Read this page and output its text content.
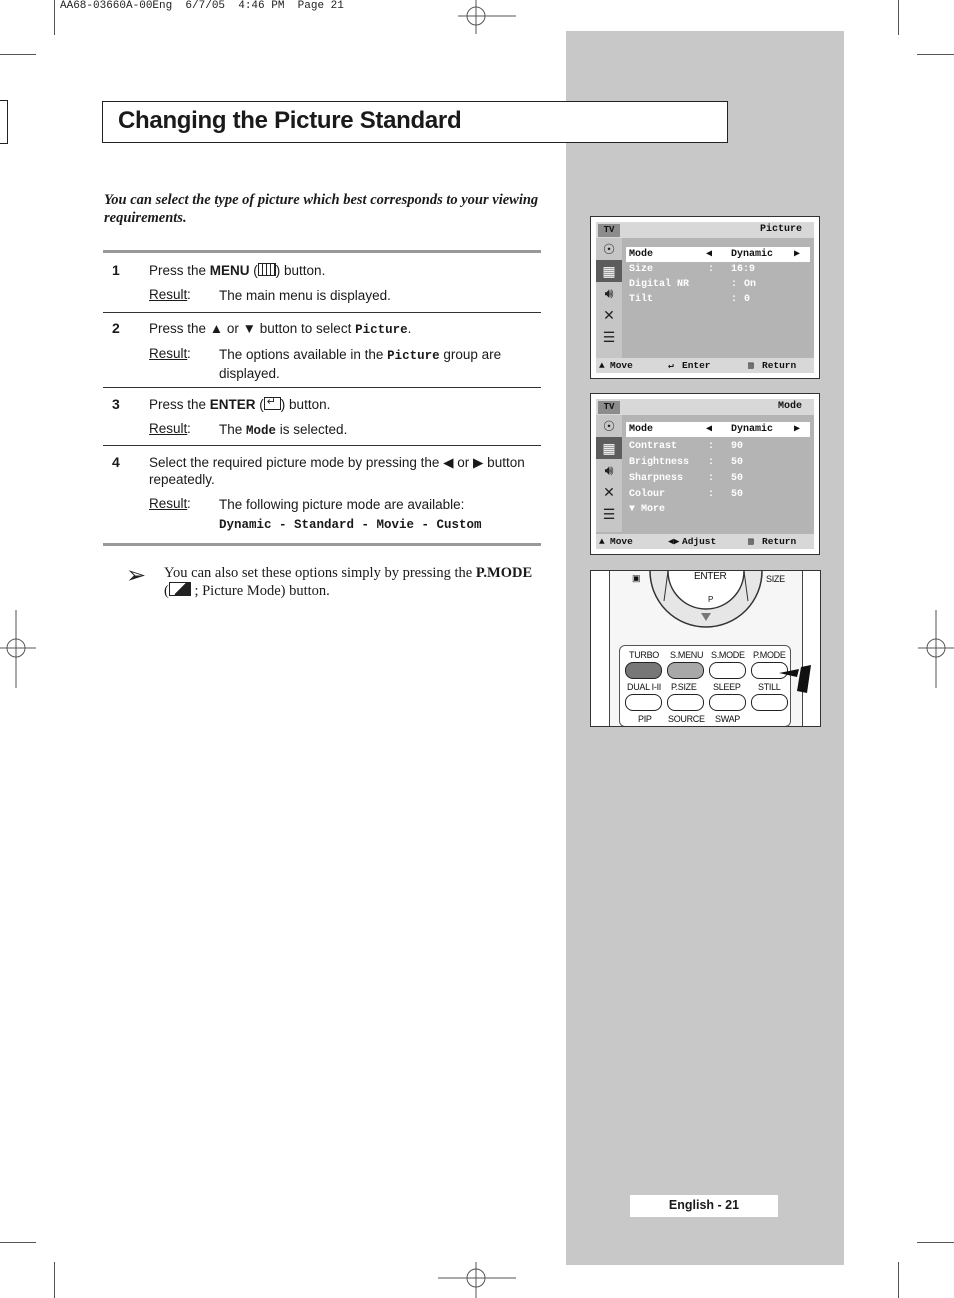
AA68-03660A-00Eng  6/7/05  4:46 PM  Page 21
Changing the Picture Standard
You can select the type of picture which best corresponds to your viewing requirements.
1 Press the MENU ( ) button.
Result : The main menu is displayed.
2 Press the ▲ or ▼ button to select Picture.
Result : The options available in the Picture group are displayed.
3 Press the ENTER (↵ ) button.
Result : The Mode is selected.
4 Select the required picture mode by pressing the ◀ or ▶ button repeatedly.
Result : The following picture mode are available:
Dynamic - Standard - Movie - Custom
➢ You can also set these options simply by pressing the P.MODE ( ; Picture Mode) button.
TV	Picture
☉
▦
🔊︎
✕
☰

Mode

	◀

Dynamic

▶

Size

	:

16:9

Digital NR

	:

On

Tilt

	:

0

▲︎ Move	↵ Enter	▥ Return
TV	Mode
☉
▦
🔊︎
✕
☰

Mode

	◀

Dynamic

▶

Contrast

	:

90

Brightness

:

50

Sharpness

:

50

Colour

	:

50

▼ More

▲︎ Move	◀▶ Adjust	▥ Return
ENTER
P
SIZE
▣
TURBO S.MENU S.MODE P.MODE
DUAL I-II P.SIZE SLEEP STILL
PIP SOURCE SWAP
English - 21
